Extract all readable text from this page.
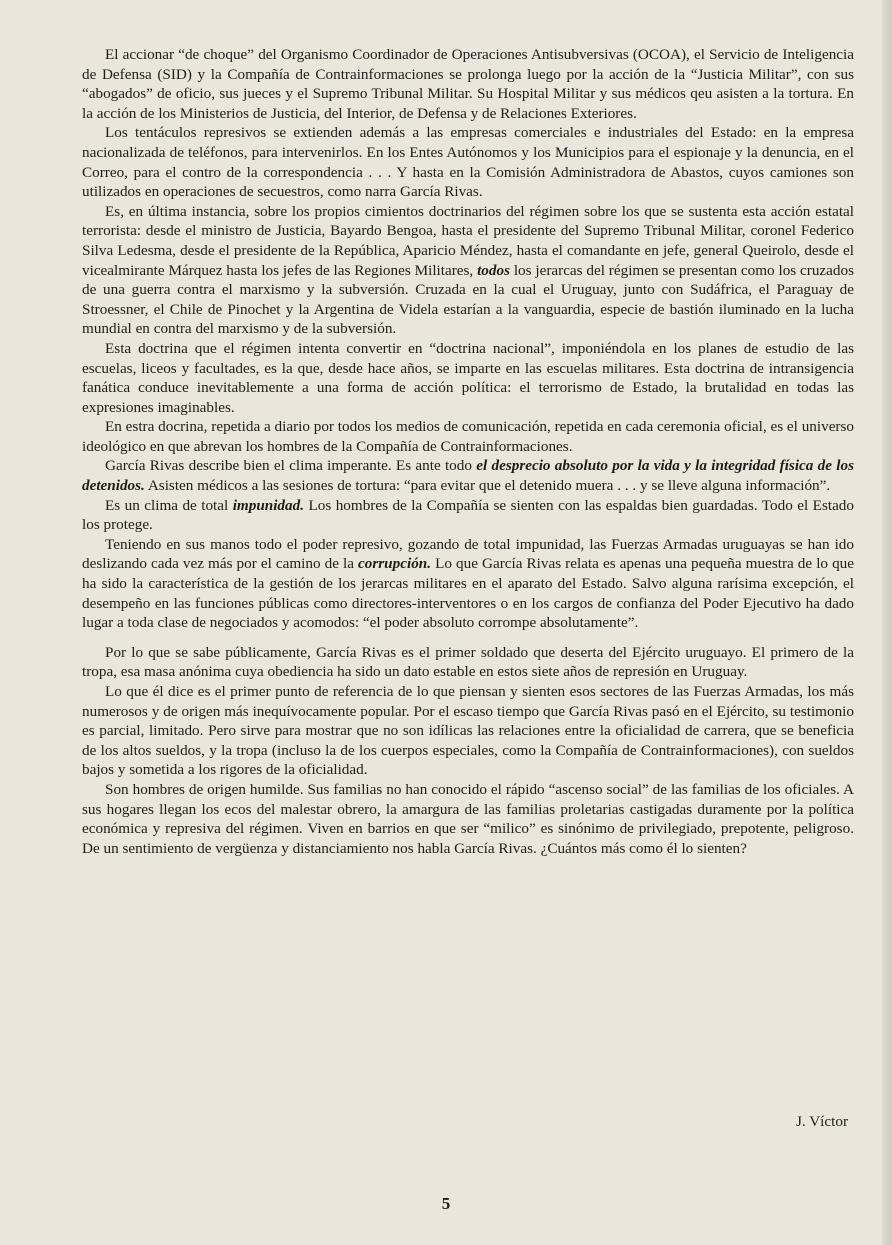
El accionar “de choque” del Organismo Coordinador de Operaciones Antisubversivas (OCOA), el Servicio de Inteligencia de Defensa (SID) y la Compañía de Contrainformaciones se prolonga luego por la acción de la “Justicia Militar”, con sus “abogados” de oficio, sus jueces y el Supremo Tribunal Militar. Su Hospital Militar y sus médicos qeu asisten a la tortura. En la acción de los Ministerios de Justicia, del Interior, de Defensa y de Relaciones Exteriores.

Los tentáculos represivos se extienden además a las empresas comerciales e industriales del Estado: en la empresa nacionalizada de teléfonos, para intervenirlos. En los Entes Autónomos y los Municipios para el espionaje y la denuncia, en el Correo, para el contro de la correspondencia . . . Y hasta en la Comisión Administradora de Abastos, cuyos camiones son utilizados en operaciones de secuestros, como narra García Rivas.

Es, en última instancia, sobre los propios cimientos doctrinarios del régimen sobre los que se sustenta esta acción estatal terrorista: desde el ministro de Justicia, Bayardo Bengoa, hasta el presidente del Supremo Tribunal Militar, coronel Federico Silva Ledesma, desde el presidente de la República, Aparicio Méndez, hasta el comandante en jefe, general Queirolo, desde el vicealmirante Márquez hasta los jefes de las Regiones Militares, todos los jerarcas del régimen se presentan como los cruzados de una guerra contra el marxismo y la subversión. Cruzada en la cual el Uruguay, junto con Sudáfrica, el Paraguay de Stroessner, el Chile de Pinochet y la Argentina de Videla estarían a la vanguardia, especie de bastión iluminado en la lucha mundial en contra del marxismo y de la subversión.

Esta doctrina que el régimen intenta convertir en “doctrina nacional”, imponiéndola en los planes de estudio de las escuelas, liceos y facultades, es la que, desde hace años, se imparte en las escuelas militares. Esta doctrina de intransigencia fanática conduce inevitablemente a una forma de acción política: el terrorismo de Estado, la brutalidad en todas las expresiones imaginables.

En estra docrina, repetida a diario por todos los medios de comunicación, repetida en cada ceremonia oficial, es el universo ideológico en que abrevan los hombres de la Compañía de Contrainformaciones.

García Rivas describe bien el clima imperante. Es ante todo el desprecio absoluto por la vida y la integridad física de los detenidos. Asisten médicos a las sesiones de tortura: “para evitar que el detenido muera . . . y se lleve alguna información”.

Es un clima de total impunidad. Los hombres de la Compañía se sienten con las espaldas bien guardadas. Todo el Estado los protege.

Teniendo en sus manos todo el poder represivo, gozando de total impunidad, las Fuerzas Armadas uruguayas se han ido deslizando cada vez más por el camino de la corrupción. Lo que García Rivas relata es apenas una pequeña muestra de lo que ha sido la característica de la gestión de los jerarcas militares en el aparato del Estado. Salvo alguna rarísima excepción, el desempeño en las funciones públicas como directores-interventores o en los cargos de confianza del Poder Ejecutivo ha dado lugar a toda clase de negociados y acomodos: “el poder absoluto corrompe absolutamente”.

Por lo que se sabe públicamente, García Rivas es el primer soldado que deserta del Ejército uruguayo. El primero de la tropa, esa masa anónima cuya obediencia ha sido un dato estable en estos siete años de represión en Uruguay.

Lo que él dice es el primer punto de referencia de lo que piensan y sienten esos sectores de las Fuerzas Armadas, los más numerosos y de origen más inequívocamente popular. Por el escaso tiempo que García Rivas pasó en el Ejército, su testimonio es parcial, limitado. Pero sirve para mostrar que no son idílicas las relaciones entre la oficialidad de carrera, que se beneficia de los altos sueldos, y la tropa (incluso la de los cuerpos especiales, como la Compañía de Contrainformaciones), con sueldos bajos y sometida a los rigores de la oficialidad.

Son hombres de origen humilde. Sus familias no han conocido el rápido “ascenso social” de las familias de los oficiales. A sus hogares llegan los ecos del malestar obrero, la amargura de las familias proletarias castigadas duramente por la política económica y represiva del régimen. Viven en barrios en que ser “milico” es sinónimo de privilegiado, prepotente, peligroso. De un sentimiento de vergüenza y distanciamiento nos habla García Rivas. ¿Cuántos más como él lo sienten?

J. Víctor
5
